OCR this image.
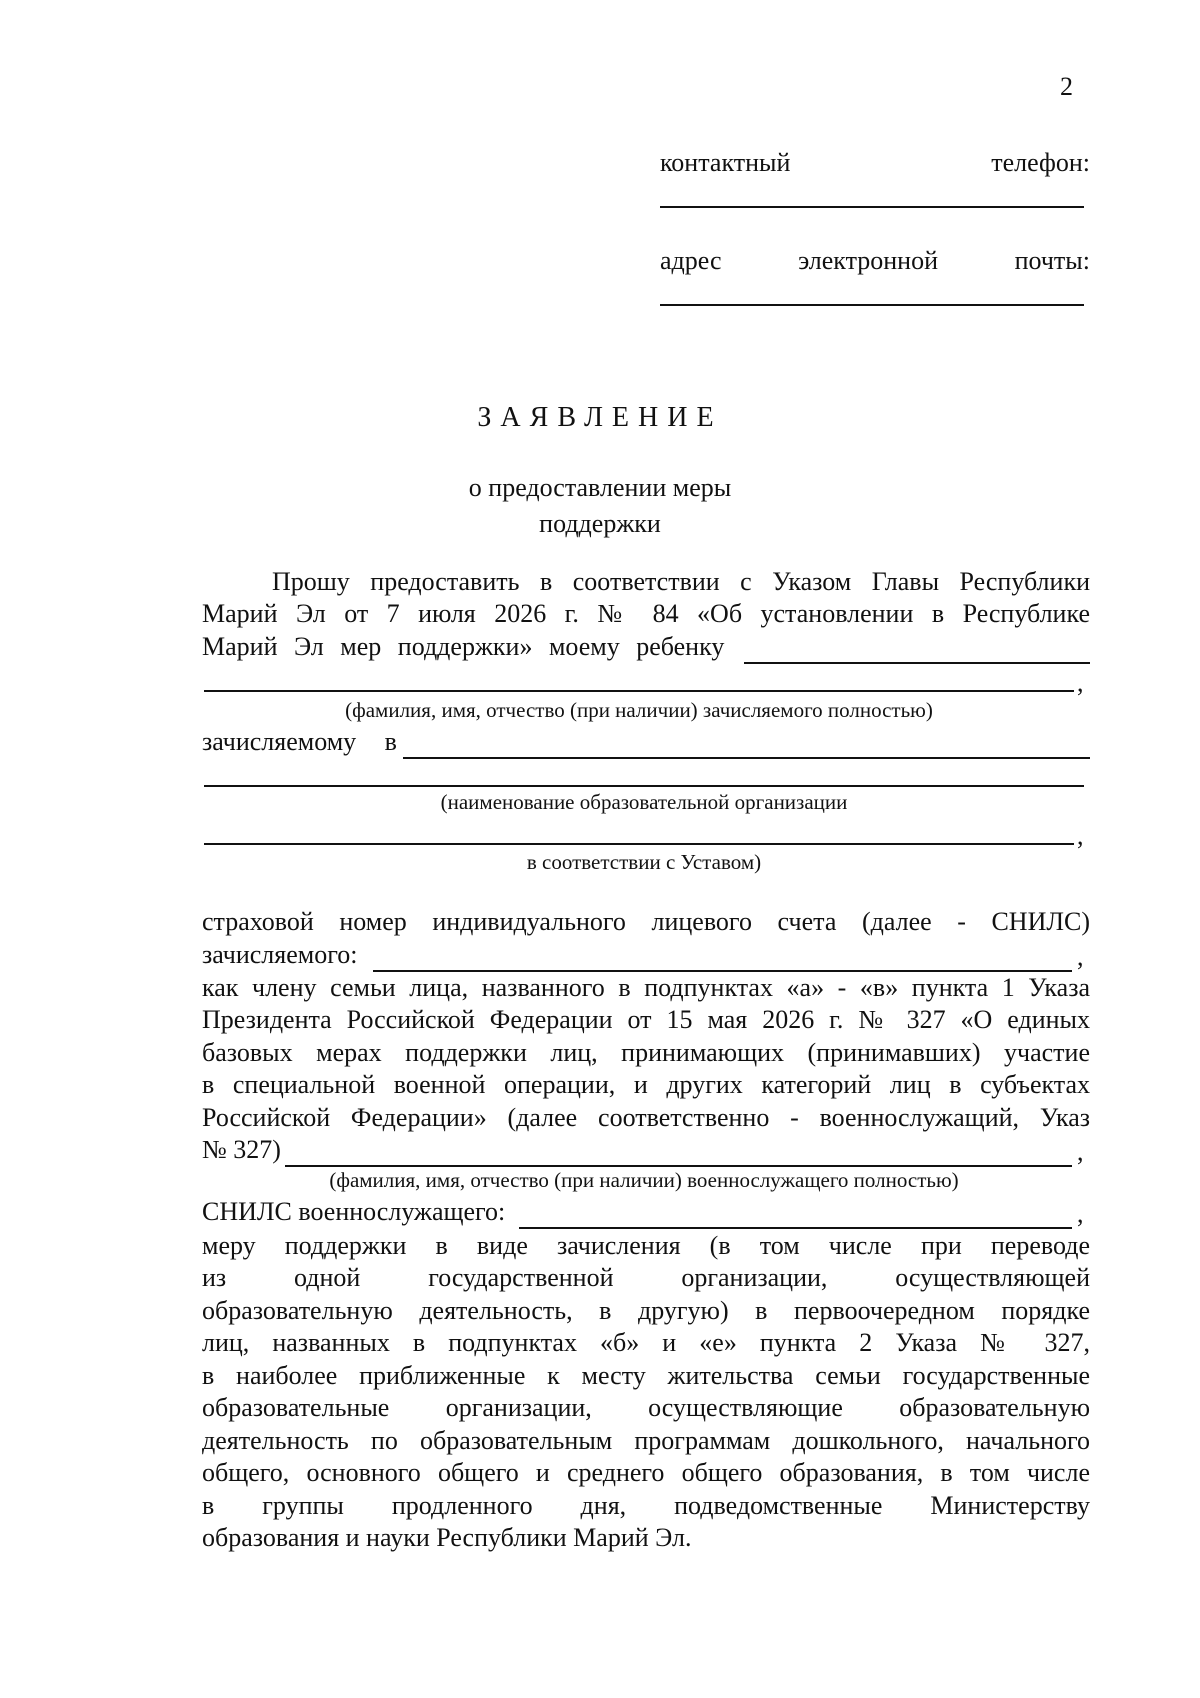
2
контактный	телефон:
адрес	электронной	почты:
ЗАЯВЛЕНИЕ
о предоставлении меры
поддержки
Прошу предоставить в соответствии с Указом Главы Республики
Марий Эл от 7 июля 2026 г. № 84 «Об установлении в Республике
Марий Эл мер поддержки» моему ребенку
,
(фамилия, имя, отчество (при наличии) зачисляемого полностью)
зачисляемому в
(наименование образовательной организации
,
в соответствии с Уставом)
страховой номер индивидуального лицевого счета (далее - СНИЛС)
зачисляемого:	,
как члену семьи лица, названного в подпунктах «а» - «в» пункта 1 Указа
Президента Российской Федерации от 15 мая 2026 г. № 327 «О единых
базовых мерах поддержки лиц, принимающих (принимавших) участие
в специальной военной операции, и других категорий лиц в субъектах
Российской Федерации» (далее соответственно - военнослужащий, Указ
№ 327)	,
(фамилия, имя, отчество (при наличии) военнослужащего полностью)
СНИЛС военнослужащего:	,
меру поддержки в виде зачисления (в том числе при переводе
из одной государственной организации, осуществляющей
образовательную деятельность, в другую) в первоочередном порядке
лиц, названных в подпунктах «б» и «е» пункта 2 Указа № 327,
в наиболее приближенные к месту жительства семьи государственные
образовательные организации, осуществляющие образовательную
деятельность по образовательным программам дошкольного, начального
общего, основного общего и среднего общего образования, в том числе
в группы продленного дня, подведомственные Министерству
образования и науки Республики Марий Эл.
